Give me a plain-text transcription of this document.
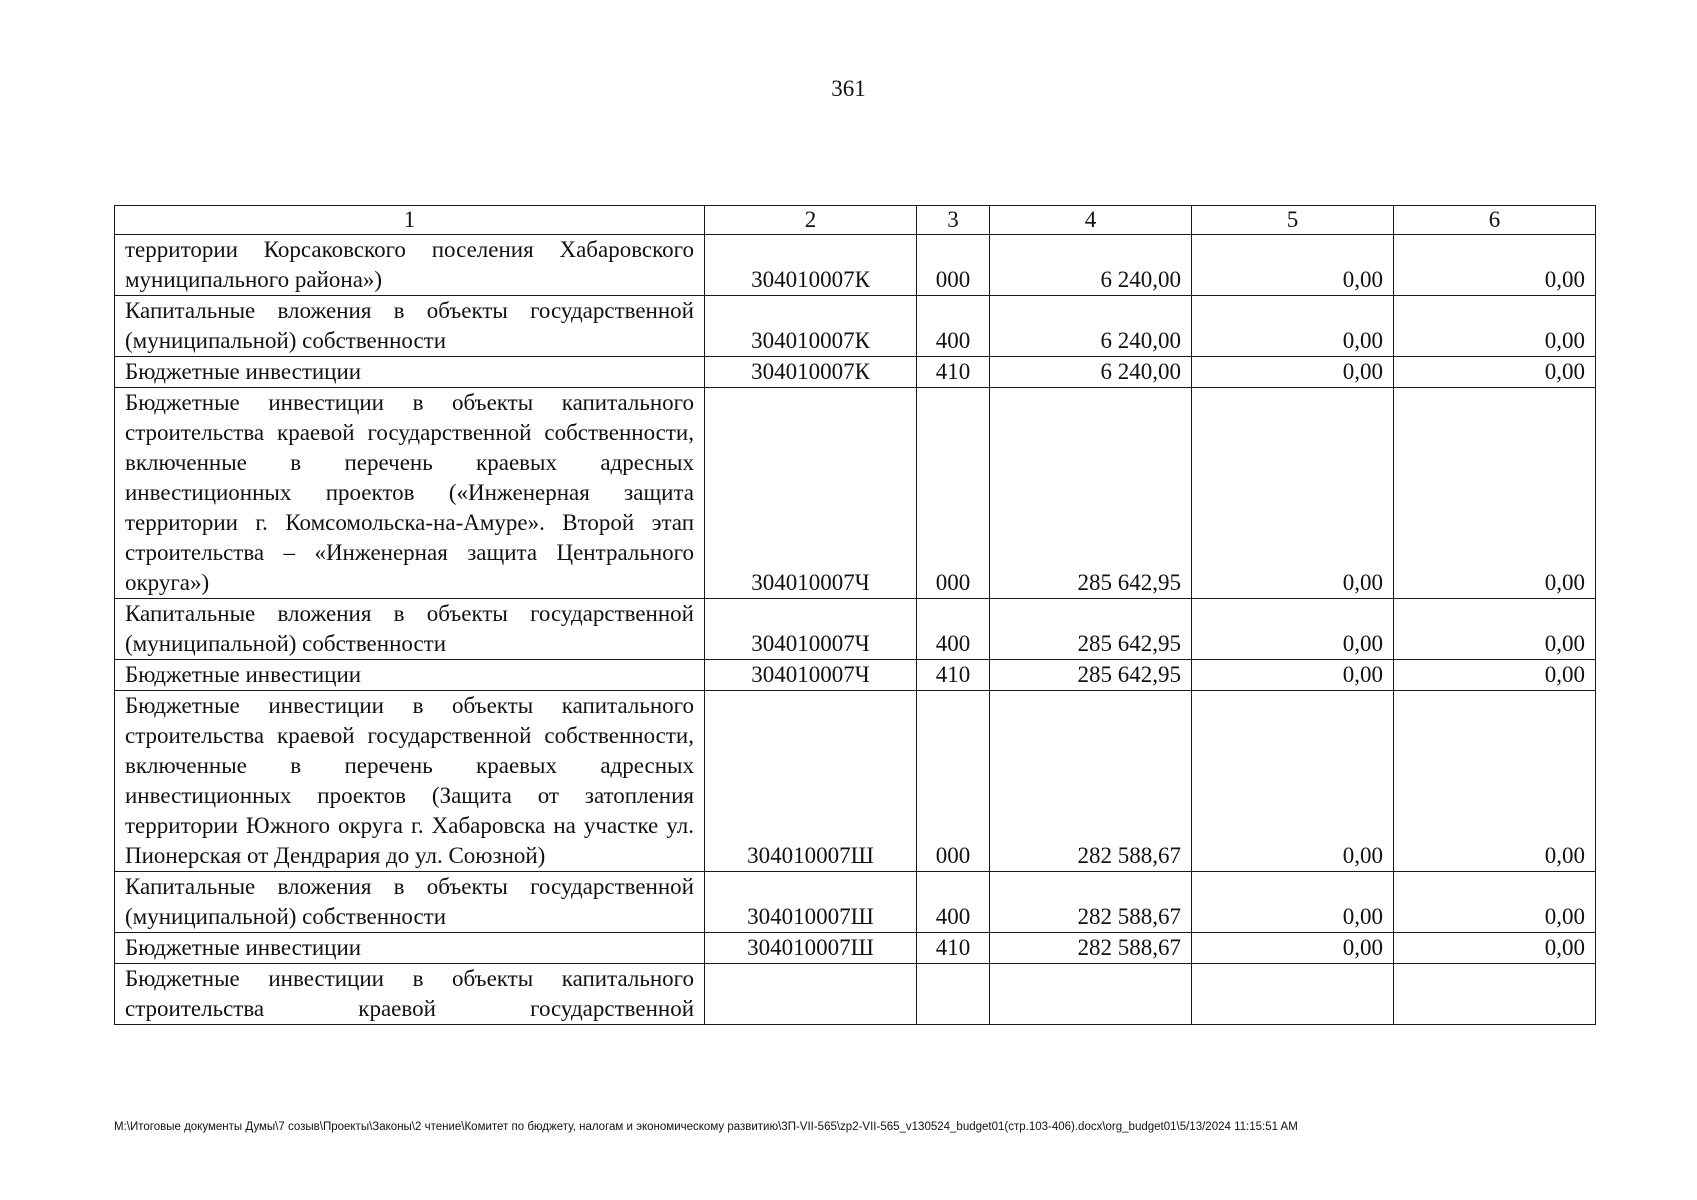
361
1	2	3	4	5	6
территории Корсаковского поселения Хабаровского муниципального района»)	304010007К	000	6 240,00	0,00	0,00
Капитальные вложения в объекты государственной (муниципальной) собственности	304010007К	400	6 240,00	0,00	0,00
Бюджетные инвестиции	304010007К	410	6 240,00	0,00	0,00
Бюджетные инвестиции в объекты капитального строительства краевой государственной собственности, включенные в перечень краевых адресных инвестиционных проектов («Инженерная защита территории г. Комсомольска-на-Амуре». Второй этап строительства – «Инженерная защита Центрального округа»)	304010007Ч	000	285 642,95	0,00	0,00
Капитальные вложения в объекты государственной (муниципальной) собственности	304010007Ч	400	285 642,95	0,00	0,00
Бюджетные инвестиции	304010007Ч	410	285 642,95	0,00	0,00
Бюджетные инвестиции в объекты капитального строительства краевой государственной собственности, включенные в перечень краевых адресных инвестиционных проектов (Защита от затопления территории Южного округа г. Хабаровска на участке ул. Пионерская от Дендрария до ул. Союзной)	304010007Ш	000	282 588,67	0,00	0,00
Капитальные вложения в объекты государственной (муниципальной) собственности	304010007Ш	400	282 588,67	0,00	0,00
Бюджетные инвестиции	304010007Ш	410	282 588,67	0,00	0,00
Бюджетные инвестиции в объекты капитального строительства краевой государственной					
M:\Итоговые документы Думы\7 созыв\Проекты\Законы\2 чтение\Комитет по бюджету, налогам и экономическому развитию\3П-VII-565\zp2-VII-565_v130524_budget01(стр.103-406).docx\org_budget01\5/13/2024 11:15:51 AM
